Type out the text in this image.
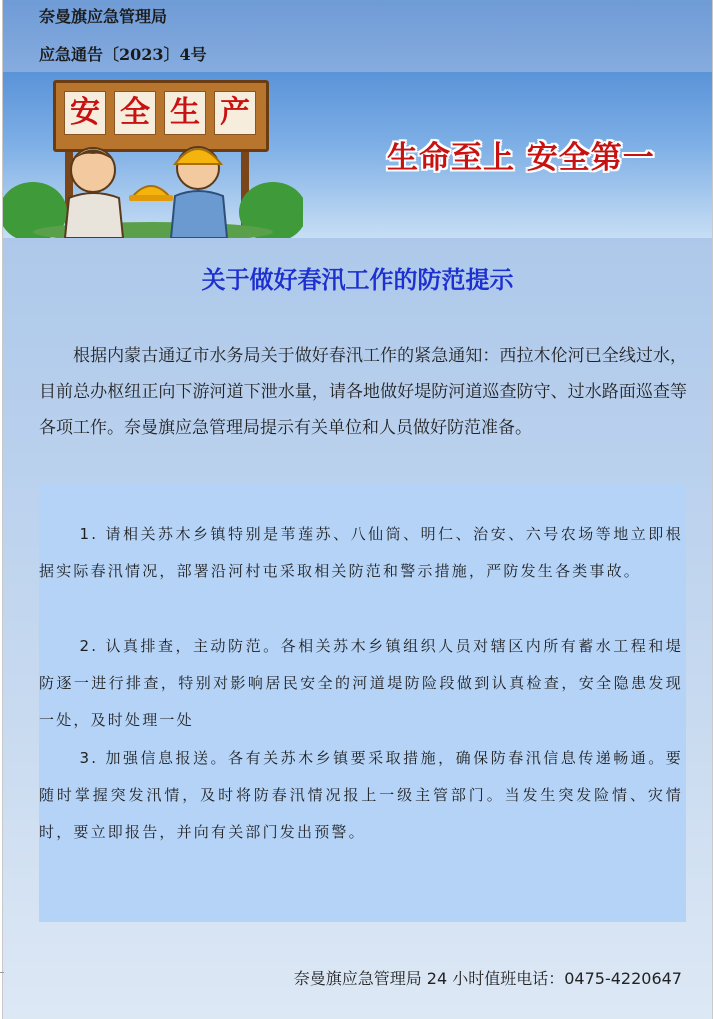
奈曼旗应急管理局
应急通告〔2023〕4号
安 全 生 产
生命至上 安全第一
关于做好春汛工作的防范提示
根据内蒙古通辽市水务局关于做好春汛工作的紧急通知：西拉木伦河已全线过水，目前总办枢纽正向下游河道下泄水量，请各地做好堤防河道巡查防守、过水路面巡查等各项工作。奈曼旗应急管理局提示有关单位和人员做好防范准备。
1. 请相关苏木乡镇特别是苇莲苏、八仙筒、明仁、治安、六号农场等地立即根据实际春汛情况，部署沿河村屯采取相关防范和警示措施，严防发生各类事故。
2. 认真排查，主动防范。各相关苏木乡镇组织人员对辖区内所有蓄水工程和堤防逐一进行排查，特别对影响居民安全的河道堤防险段做到认真检查，安全隐患发现一处，及时处理一处
3. 加强信息报送。各有关苏木乡镇要采取措施，确保防春汛信息传递畅通。要随时掌握突发汛情，及时将防春汛情况报上一级主管部门。当发生突发险情、灾情时，要立即报告，并向有关部门发出预警。
奈曼旗应急管理局 24 小时值班电话：0475-4220647
